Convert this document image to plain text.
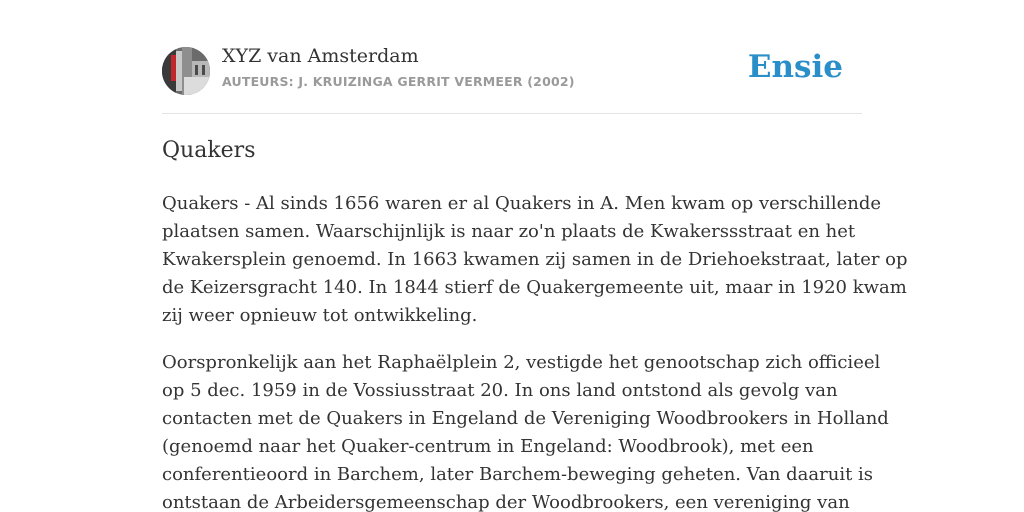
XYZ van Amsterdam
AUTEURS: J. KRUIZINGA GERRIT VERMEER (2002)	Ensie
Quakers

Quakers - Al sinds 1656 waren er al Quakers in A. Men kwam op verschillende
plaatsen samen. Waarschijnlijk is naar zo'n plaats de Kwakerssstraat en het
Kwakersplein genoemd. In 1663 kwamen zij samen in de Driehoekstraat, later op
de Keizersgracht 140. In 1844 stierf de Quakergemeente uit, maar in 1920 kwam
zij weer opnieuw tot ontwikkeling.

Oorspronkelijk aan het Raphaëlplein 2, vestigde het genootschap zich officieel
op 5 dec. 1959 in de Vossiusstraat 20. In ons land ontstond als gevolg van
contacten met de Quakers in Engeland de Vereniging Woodbrookers in Holland
(genoemd naar het Quaker-centrum in Engeland: Woodbrook), met een
conferentieoord in Barchem, later Barchem-beweging geheten. Van daaruit is
ontstaan de Arbeidersgemeenschap der Woodbrookers, een vereniging van
